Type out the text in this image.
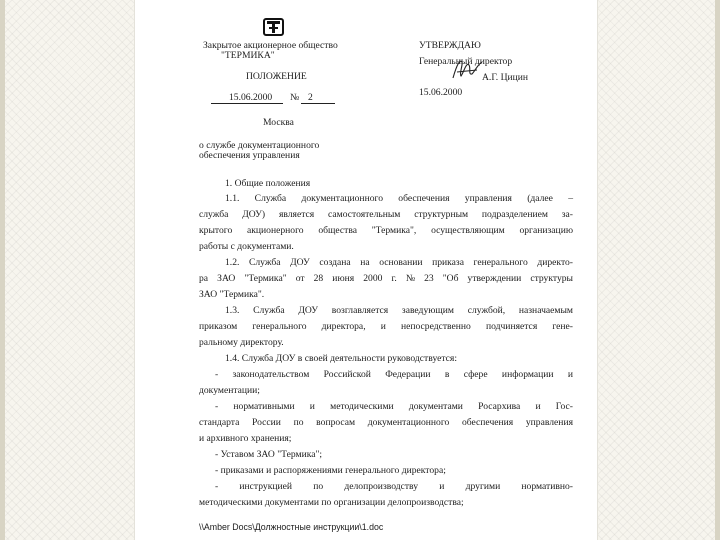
Закрытое акционерное общество
"ТЕРМИКА"
УТВЕРЖДАЮ
Генеральный директор
А.Г. Цицин
15.06.2000
ПОЛОЖЕНИЕ
15.06.2000 № 2
Москва
о службе документационного
обеспечения управления
1. Общие положения
1.1. Служба документационного обеспечения управления (далее –
служба ДОУ) является самостоятельным структурным подразделением за-
крытого акционерного общества "Термика", осуществляющим организацию
работы с документами.
1.2. Служба ДОУ создана на основании приказа генерального директо-
ра ЗАО "Термика" от 28 июня 2000 г. № 23 "Об утверждении структуры
ЗАО "Термика".
1.3. Служба ДОУ возглавляется заведующим службой, назначаемым
приказом генерального директора, и непосредственно подчиняется гене-
ральному директору.
1.4. Служба ДОУ в своей деятельности руководствуется:
- законодательством Российской Федерации в сфере информации и
документации;
- нормативными и методическими документами Росархива и Гос-
стандарта России по вопросам документационного обеспечения управления
и архивного хранения;
- Уставом ЗАО "Термика";
- приказами и распоряжениями генерального директора;
- инструкцией по делопроизводству и другими нормативно-
методическими документами по организации делопроизводства;
\\Amber Docs\Должностные инструкции\1.doc
